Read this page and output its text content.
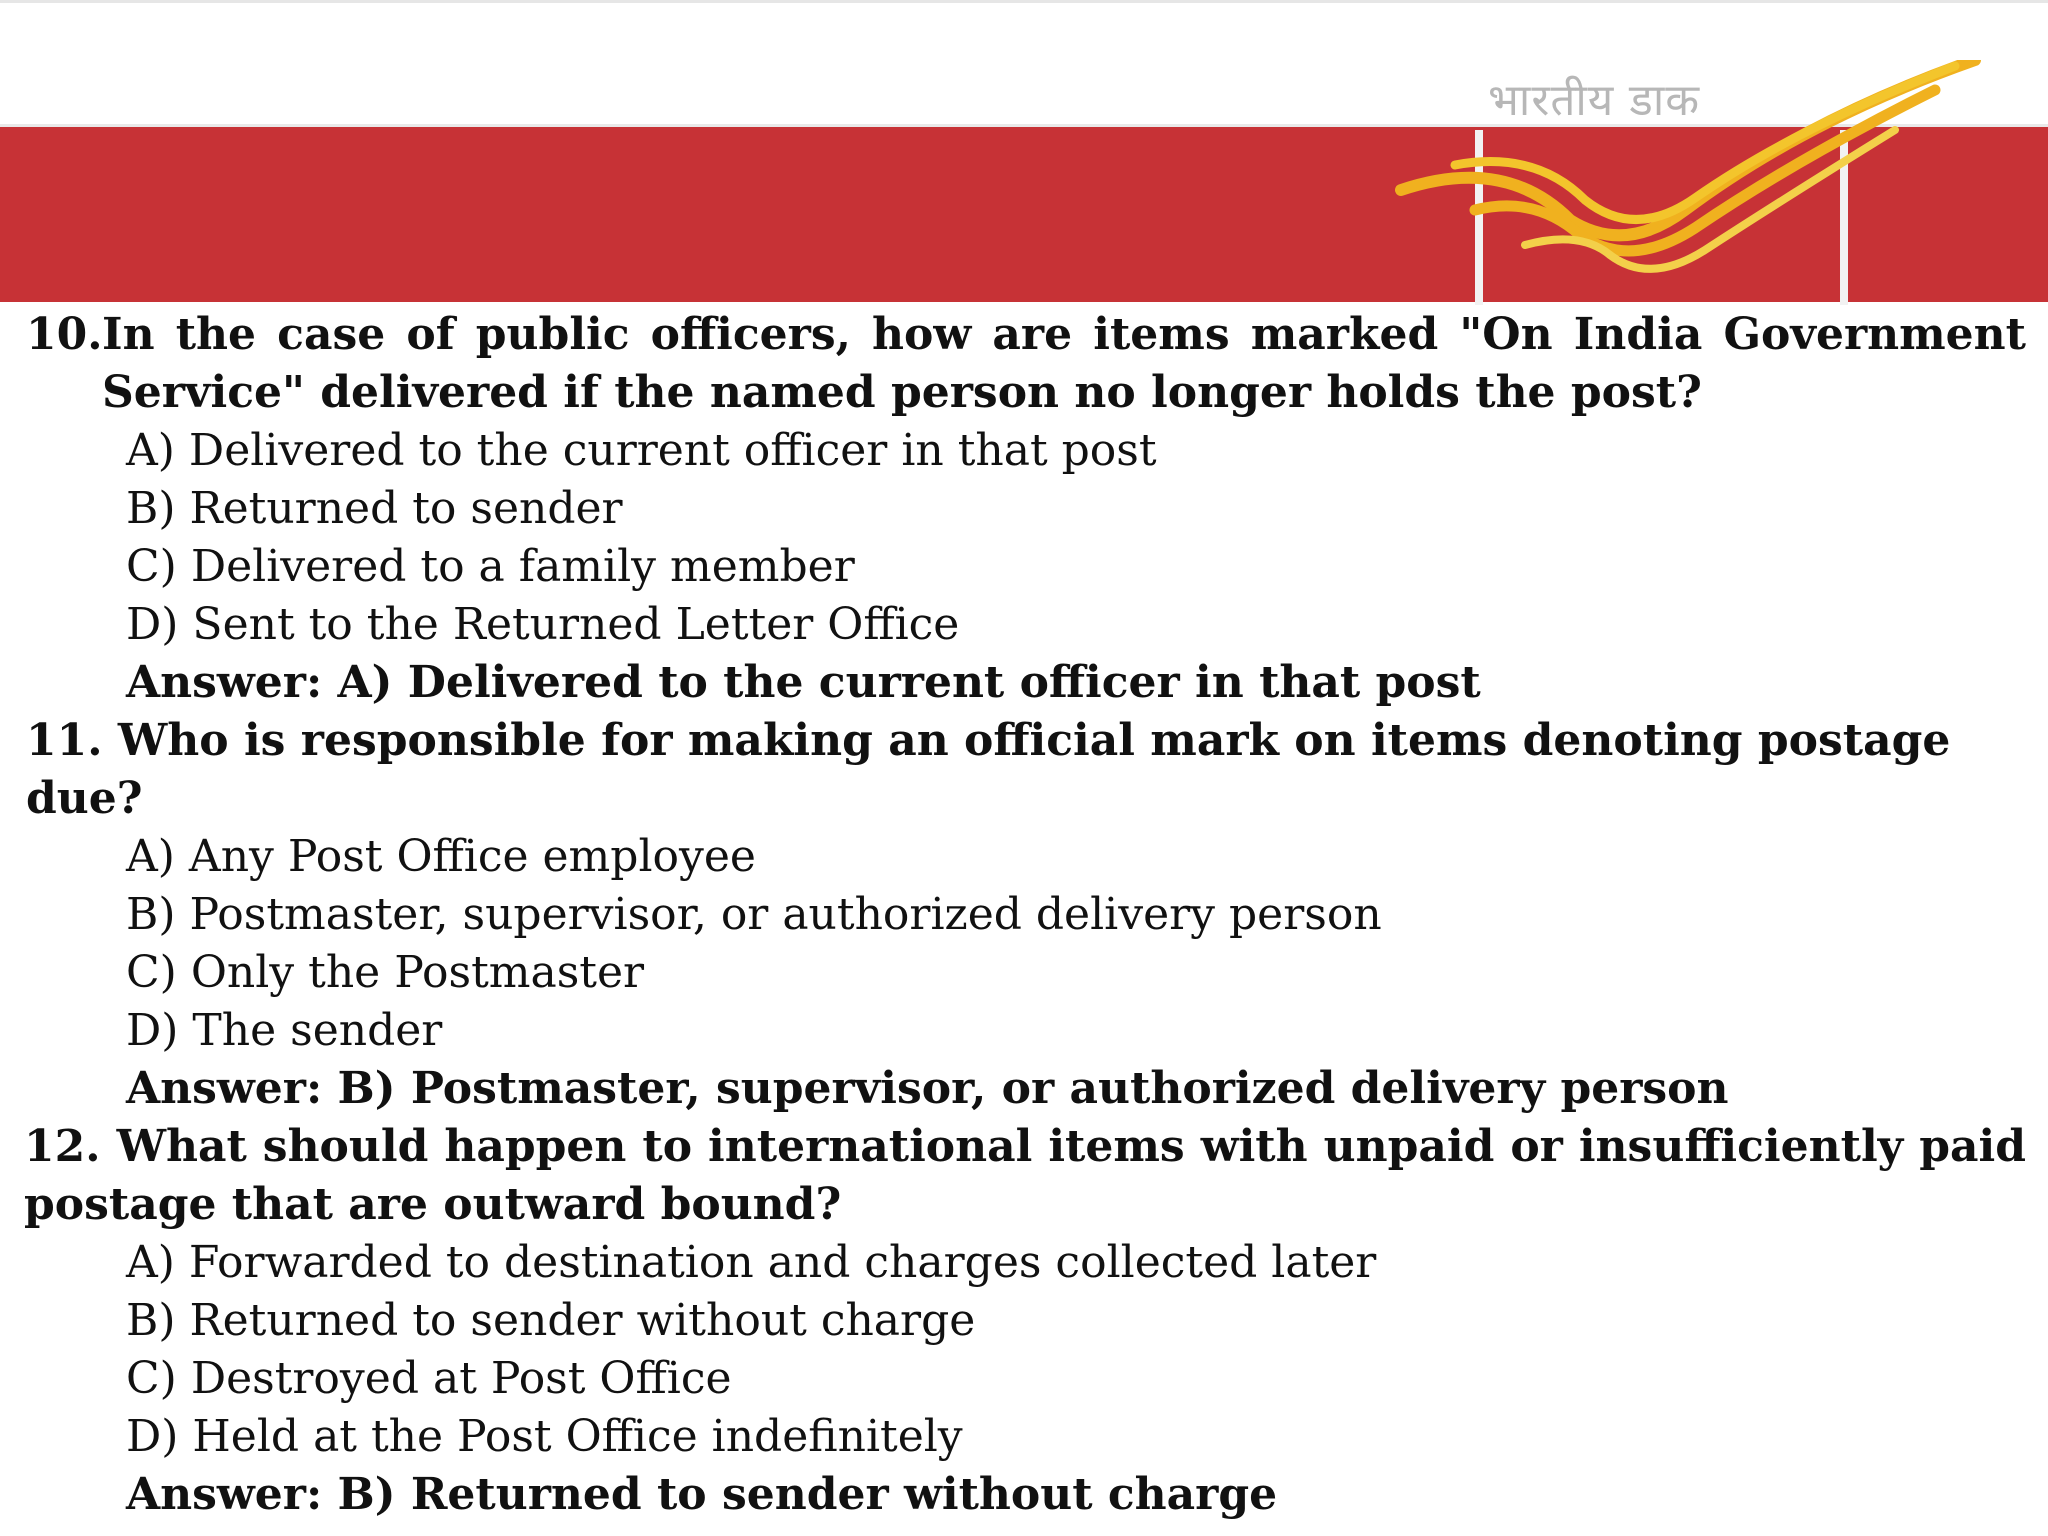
भारतीय डाक

10. In the case of public officers, how are items marked "On India Government Service" delivered if the named person no longer holds the post?

A) Delivered to the current officer in that post

B) Returned to sender

C) Delivered to a family member

D) Sent to the Returned Letter Office

Answer: A) Delivered to the current officer in that post

11. Who is responsible for making an official mark on items denoting postage due?

A) Any Post Office employee

B) Postmaster, supervisor, or authorized delivery person

C) Only the Postmaster

D) The sender

Answer: B) Postmaster, supervisor, or authorized delivery person

12. What should happen to international items with unpaid or insufficiently paid postage that are outward bound?

A) Forwarded to destination and charges collected later

B) Returned to sender without charge

C) Destroyed at Post Office

D) Held at the Post Office indefinitely

Answer: B) Returned to sender without charge
